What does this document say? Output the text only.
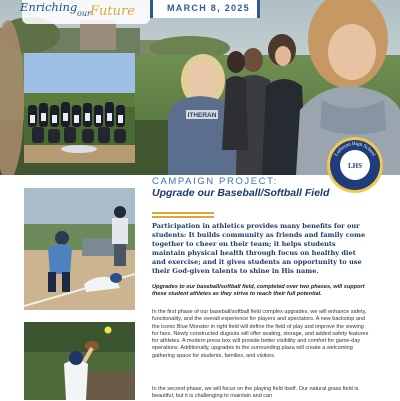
ITHERAN
Enriching our Future	MARCH 8, 2025
Lutheran High School
LHS
CAMPAIGN PROJECT:
Upgrade our Baseball/Softball Field

Participation in athletics provides many benefits for our students: It builds community as friends and family come together to cheer on their team; it helps students maintain physical health through focus on healthy diet and exercise; and it gives students an opportunity to use their God-given talents to shine in His name.

Upgrades to our baseball/softball field, completed over two phases, will support these student athletes as they strive to reach their full potential.

In the first phase of our baseball/softball field complex upgrades, we will enhance safety, functionality, and the overall experience for players and spectators. A new backstop and the iconic Blue Monster in right field will define the field of play and improve the viewing for fans. Newly constructed dugouts will offer seating, storage, and added safety features for athletes. A modern press box will provide better visibility and comfort for game-day operations. Additionally, upgrades to the surrounding plaza will create a welcoming gathering space for students, families, and visitors.

In the second phase, we will focus on the playing field itself. Our natural grass field is beautiful, but it is challenging to maintain and can
